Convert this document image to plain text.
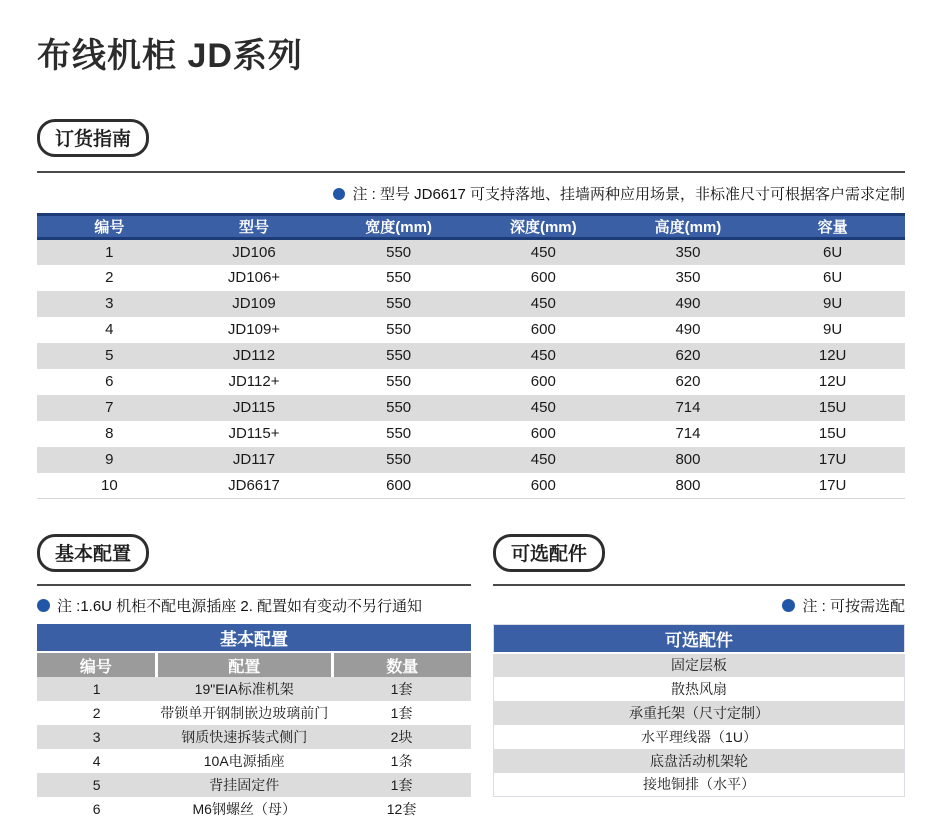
布线机柜 JD系列
订货指南
注 : 型号 JD6617 可支持落地、挂墙两种应用场景，非标准尺寸可根据客户需求定制
编号	型号	宽度(mm)	深度(mm)	高度(mm)	容量
1	JD106	550	450	350	6U
2	JD106+	550	600	350	6U
3	JD109	550	450	490	9U
4	JD109+	550	600	490	9U
5	JD112	550	450	620	12U
6	JD112+	550	600	620	12U
7	JD115	550	450	714	15U
8	JD115+	550	600	714	15U
9	JD117	550	450	800	17U
10	JD6617	600	600	800	17U
基本配置
注 :1.6U 机柜不配电源插座 2. 配置如有变动不另行通知
基本配置		
编号	配置	数量
1	19"EIA标准机架	1套
2	带锁单开钢制嵌边玻璃前门	1套
3	钢质快速拆装式侧门	2块
4	10A电源插座	1条
5	背挂固定件	1套
6	M6钢螺丝（母）	12套
可选配件
注 : 可按需选配
可选配件
固定层板
散热风扇
承重托架（尺寸定制）
水平理线器（1U）
底盘活动机架轮
接地铜排（水平）
